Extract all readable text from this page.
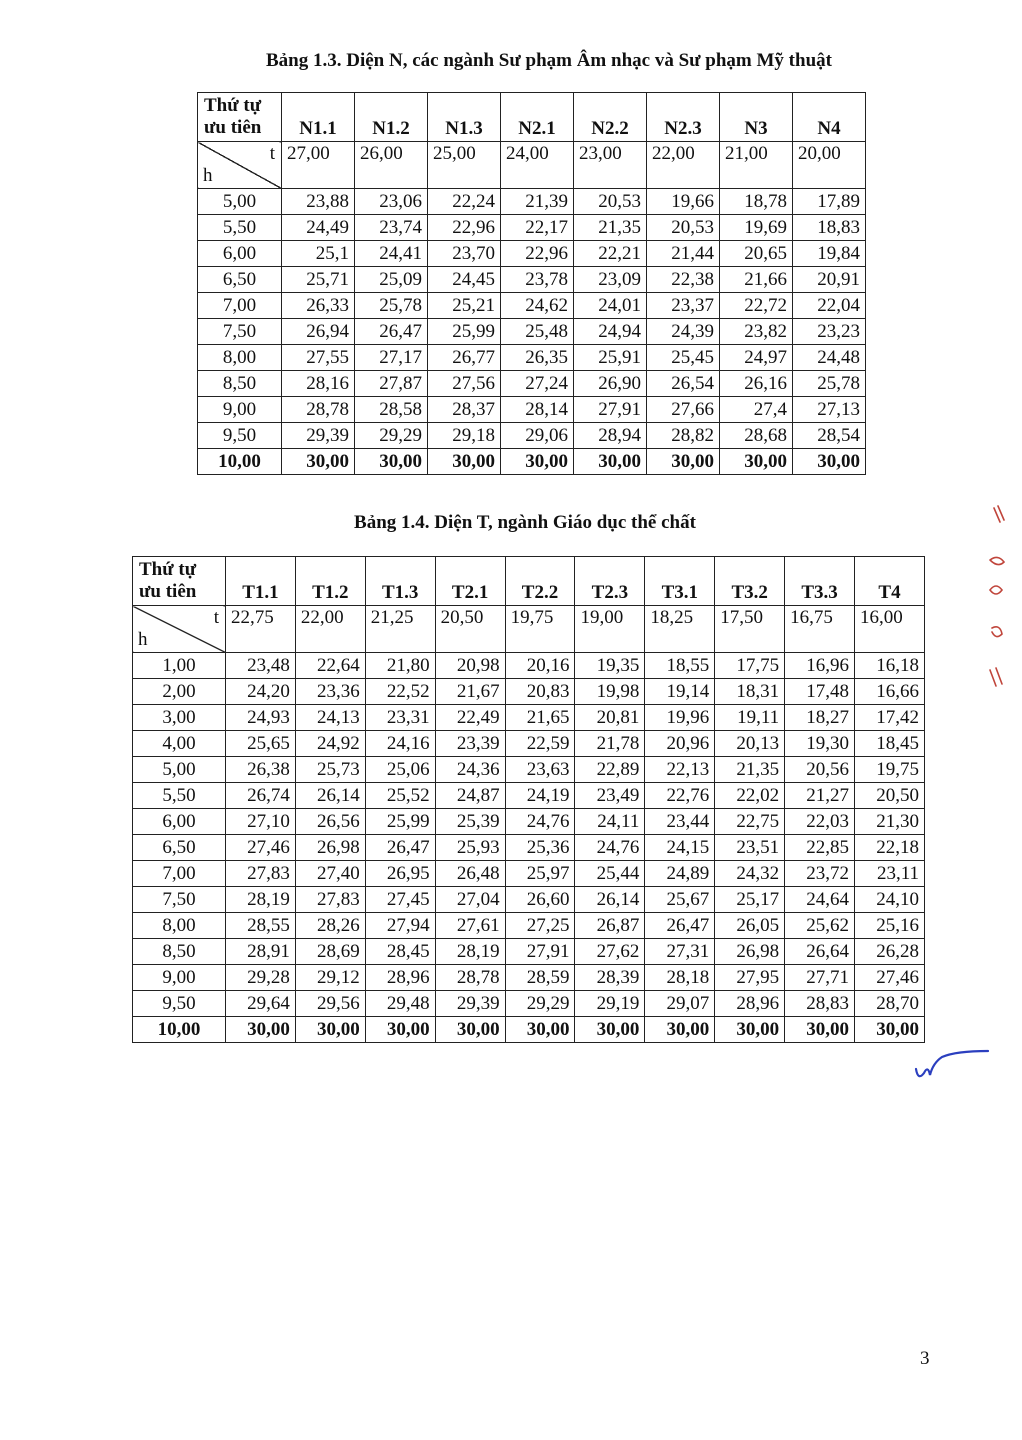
Bảng 1.3. Diện N, các ngành Sư phạm Âm nhạc và Sư phạm Mỹ thuật
Thứ tự
ưu tiên	N1.1	N1.2	N1.3	N2.1	N2.2	N2.3	N3	N4

t
h	27,00	26,00	25,00	24,00	23,00	22,00	21,00	20,00
5,00	23,88	23,06	22,24	21,39	20,53	19,66	18,78	17,89
5,50	24,49	23,74	22,96	22,17	21,35	20,53	19,69	18,83
6,00	25,1	24,41	23,70	22,96	22,21	21,44	20,65	19,84
6,50	25,71	25,09	24,45	23,78	23,09	22,38	21,66	20,91
7,00	26,33	25,78	25,21	24,62	24,01	23,37	22,72	22,04
7,50	26,94	26,47	25,99	25,48	24,94	24,39	23,82	23,23
8,00	27,55	27,17	26,77	26,35	25,91	25,45	24,97	24,48
8,50	28,16	27,87	27,56	27,24	26,90	26,54	26,16	25,78
9,00	28,78	28,58	28,37	28,14	27,91	27,66	27,4	27,13
9,50	29,39	29,29	29,18	29,06	28,94	28,82	28,68	28,54
10,00	30,00	30,00	30,00	30,00	30,00	30,00	30,00	30,00
Bảng 1.4. Diện T, ngành Giáo dục thể chất
Thứ tự
ưu tiên	T1.1	T1.2	T1.3	T2.1	T2.2	T2.3	T3.1	T3.2	T3.3	T4

t
h	22,75	22,00	21,25	20,50	19,75	19,00	18,25	17,50	16,75	16,00
1,00	23,48	22,64	21,80	20,98	20,16	19,35	18,55	17,75	16,96	16,18
2,00	24,20	23,36	22,52	21,67	20,83	19,98	19,14	18,31	17,48	16,66
3,00	24,93	24,13	23,31	22,49	21,65	20,81	19,96	19,11	18,27	17,42
4,00	25,65	24,92	24,16	23,39	22,59	21,78	20,96	20,13	19,30	18,45
5,00	26,38	25,73	25,06	24,36	23,63	22,89	22,13	21,35	20,56	19,75
5,50	26,74	26,14	25,52	24,87	24,19	23,49	22,76	22,02	21,27	20,50
6,00	27,10	26,56	25,99	25,39	24,76	24,11	23,44	22,75	22,03	21,30
6,50	27,46	26,98	26,47	25,93	25,36	24,76	24,15	23,51	22,85	22,18
7,00	27,83	27,40	26,95	26,48	25,97	25,44	24,89	24,32	23,72	23,11
7,50	28,19	27,83	27,45	27,04	26,60	26,14	25,67	25,17	24,64	24,10
8,00	28,55	28,26	27,94	27,61	27,25	26,87	26,47	26,05	25,62	25,16
8,50	28,91	28,69	28,45	28,19	27,91	27,62	27,31	26,98	26,64	26,28
9,00	29,28	29,12	28,96	28,78	28,59	28,39	28,18	27,95	27,71	27,46
9,50	29,64	29,56	29,48	29,39	29,29	29,19	29,07	28,96	28,83	28,70
10,00	30,00	30,00	30,00	30,00	30,00	30,00	30,00	30,00	30,00	30,00

3
